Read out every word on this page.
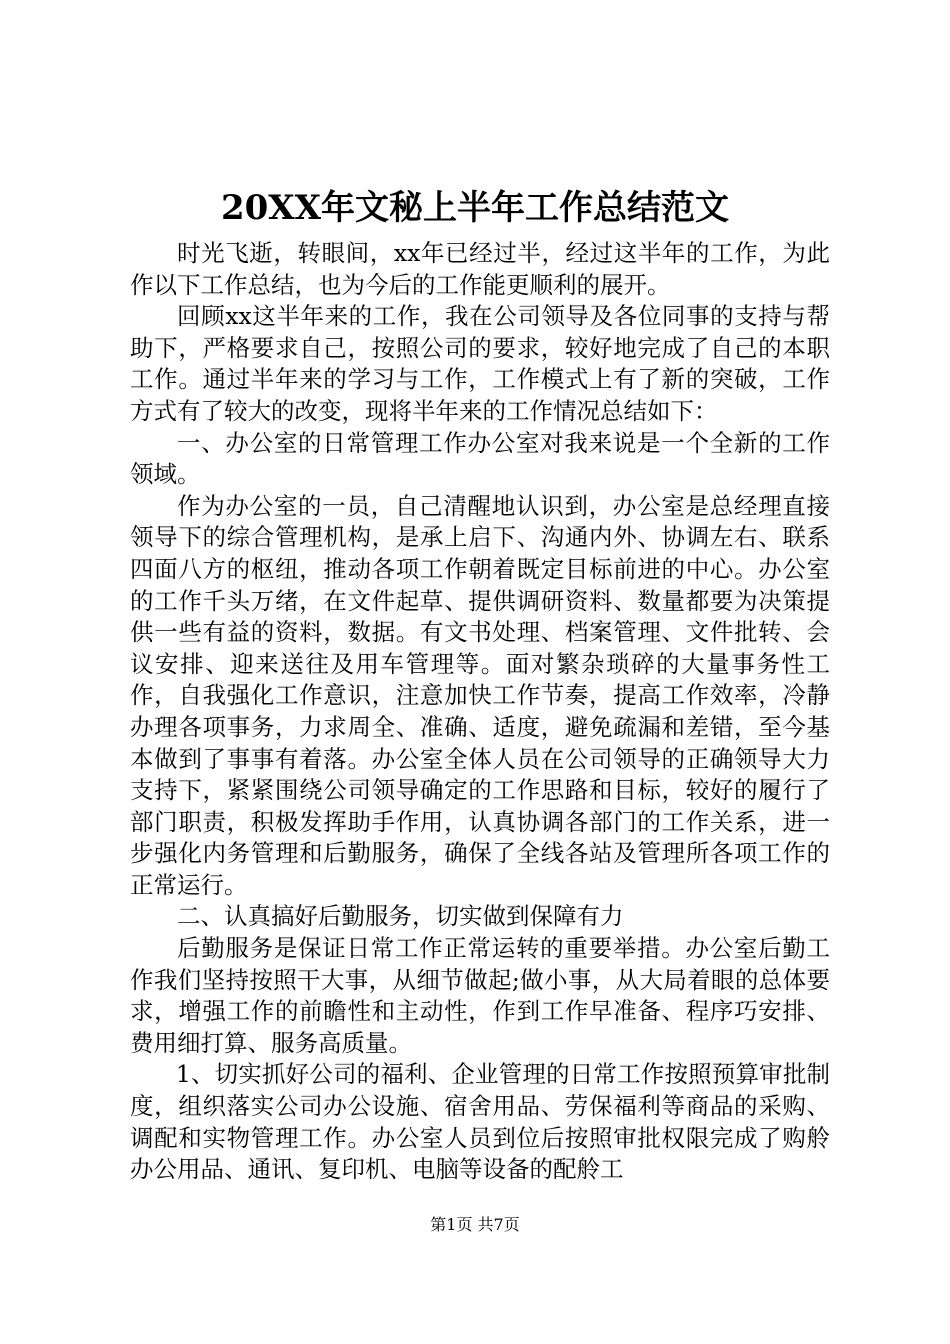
20XX年文秘上半年工作总结范文

时光飞逝，转眼间，xx年已经过半，经过这半年的工作，为此作以下工作总结，也为今后的工作能更顺利的展开。

回顾xx这半年来的工作，我在公司领导及各位同事的支持与帮助下，严格要求自己，按照公司的要求，较好地完成了自己的本职工作。通过半年来的学习与工作，工作模式上有了新的突破，工作方式有了较大的改变，现将半年来的工作情况总结如下：

一、办公室的日常管理工作办公室对我来说是一个全新的工作领域。

作为办公室的一员，自己清醒地认识到，办公室是总经理直接领导下的综合管理机构，是承上启下、沟通内外、协调左右、联系四面八方的枢纽，推动各项工作朝着既定目标前进的中心。办公室的工作千头万绪，在文件起草、提供调研资料、数量都要为决策提供一些有益的资料，数据。有文书处理、档案管理、文件批转、会议安排、迎来送往及用车管理等。面对繁杂琐碎的大量事务性工作，自我强化工作意识，注意加快工作节奏，提高工作效率，冷静办理各项事务，力求周全、准确、适度，避免疏漏和差错，至今基本做到了事事有着落。办公室全体人员在公司领导的正确领导大力支持下，紧紧围绕公司领导确定的工作思路和目标，较好的履行了部门职责，积极发挥助手作用，认真协调各部门的工作关系，进一步强化内务管理和后勤服务，确保了全线各站及管理所各项工作的正常运行。

二、认真搞好后勤服务，切实做到保障有力

后勤服务是保证日常工作正常运转的重要举措。办公室后勤工作我们坚持按照干大事，从细节做起;做小事，从大局着眼的总体要求，增强工作的前瞻性和主动性，作到工作早准备、程序巧安排、费用细打算、服务高质量。

1、切实抓好公司的福利、企业管理的日常工作按照预算审批制度，组织落实公司办公设施、宿舍用品、劳保福利等商品的采购、调配和实物管理工作。办公室人员到位后按照审批权限完成了购舲办公用品、通讯、复印机、电脑等设备的配舲工

第1页 共7页
